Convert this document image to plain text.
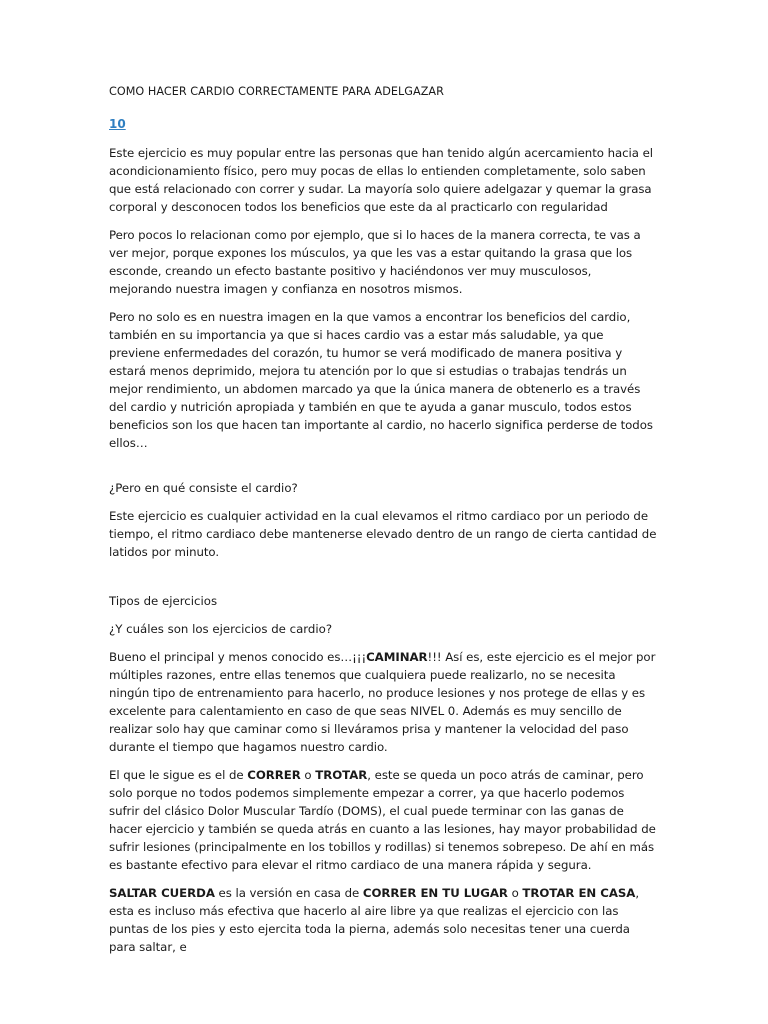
COMO HACER CARDIO CORRECTAMENTE PARA ADELGAZAR
10

Este ejercicio es muy popular entre las personas que han tenido algún acercamiento hacia el acondicionamiento físico, pero muy pocas de ellas lo entienden completamente, solo saben que está relacionado con correr y sudar. La mayoría solo quiere adelgazar y quemar la grasa corporal y desconocen todos los beneficios que este da al practicarlo con regularidad

Pero pocos lo relacionan como por ejemplo, que si lo haces de la manera correcta, te vas a ver mejor, porque expones los músculos, ya que les vas a estar quitando la grasa que los esconde, creando un efecto bastante positivo y haciéndonos ver muy musculosos, mejorando nuestra imagen y confianza en nosotros mismos.

Pero no solo es en nuestra imagen en la que vamos a encontrar los beneficios del cardio, también en su importancia ya que si haces cardio vas a estar más saludable, ya que previene enfermedades del corazón, tu humor se verá modificado de manera positiva y estará menos deprimido, mejora tu atención por lo que si estudias o trabajas tendrás un mejor rendimiento, un abdomen marcado ya que la única manera de obtenerlo es a través del cardio y nutrición apropiada y también en que te ayuda a ganar musculo, todos estos beneficios son los que hacen tan importante al cardio, no hacerlo significa perderse de todos ellos…

¿Pero en qué consiste el cardio?

Este ejercicio es cualquier actividad en la cual elevamos el ritmo cardiaco por un periodo de tiempo, el ritmo cardiaco debe mantenerse elevado dentro de un rango de cierta cantidad de latidos por minuto.

Tipos de ejercicios
¿Y cuáles son los ejercicios de cardio?

Bueno el principal y menos conocido es…¡¡¡CAMINAR!!! Así es, este ejercicio es el mejor por múltiples razones, entre ellas tenemos que cualquiera puede realizarlo, no se necesita ningún tipo de entrenamiento para hacerlo, no produce lesiones y nos protege de ellas y es excelente para calentamiento en caso de que seas NIVEL 0. Además es muy sencillo de realizar solo hay que caminar como si lleváramos prisa y mantener la velocidad del paso durante el tiempo que hagamos nuestro cardio.

El que le sigue es el de CORRER o TROTAR, este se queda un poco atrás de caminar, pero solo porque no todos podemos simplemente empezar a correr, ya que hacerlo podemos sufrir del clásico Dolor Muscular Tardío (DOMS), el cual puede terminar con las ganas de hacer ejercicio y también se queda atrás en cuanto a las lesiones, hay mayor probabilidad de sufrir lesiones (principalmente en los tobillos y rodillas) si tenemos sobrepeso. De ahí en más es bastante efectivo para elevar el ritmo cardiaco de una manera rápida y segura.

SALTAR CUERDA es la versión en casa de CORRER EN TU LUGAR o TROTAR EN CASA, esta es incluso más efectiva que hacerlo al aire libre ya que realizas el ejercicio con las puntas de los pies y esto ejercita toda la pierna, además solo necesitas tener una cuerda para saltar, e
